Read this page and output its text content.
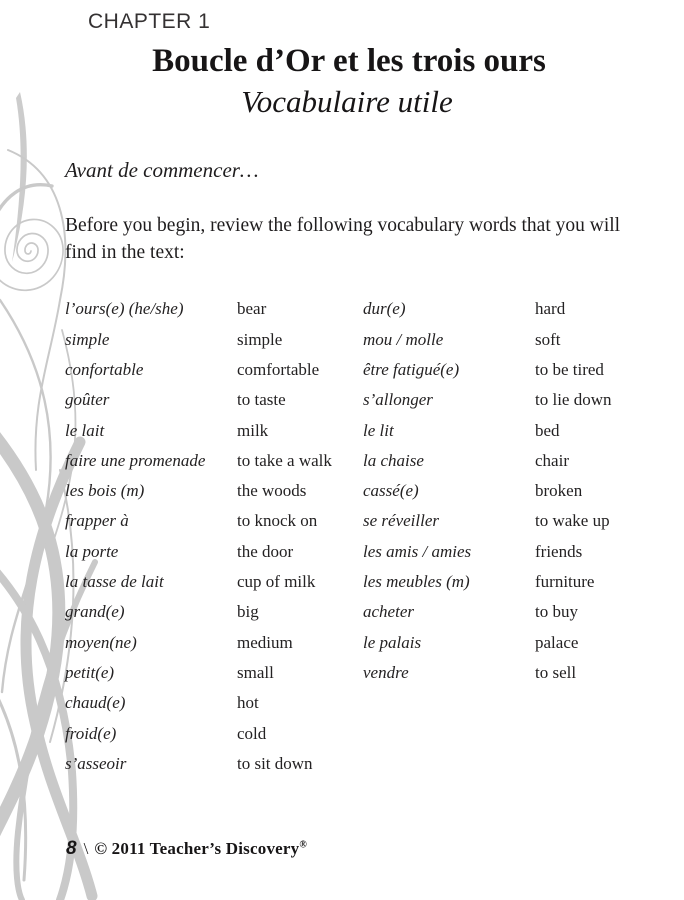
CHAPTER 1
Boucle d’Or et les trois ours
Vocabulaire utile
Avant de commencer…
Before you begin, review the following vocabulary words that you will find in the text:
l’ours(e) (he/she)	bear	dur(e)	hard
simple	simple	mou / molle	soft
confortable	comfortable	être fatigué(e)	to be tired
goûter	to taste	s’allonger	to lie down
le lait	milk	le lit	bed
faire une promenade	to take a walk	la chaise	chair
les bois (m)	the woods	cassé(e)	broken
frapper à	to knock on	se réveiller	to wake up
la porte	the door	les amis / amies	friends
la tasse de lait	cup of milk	les meubles (m)	furniture
grand(e)	big	acheter	to buy
moyen(ne)	medium	le palais	palace
petit(e)	small	vendre	to sell
chaud(e)	hot
froid(e)	cold
s’asseoir	to sit down
8 \ © 2011 Teacher’s Discovery®
